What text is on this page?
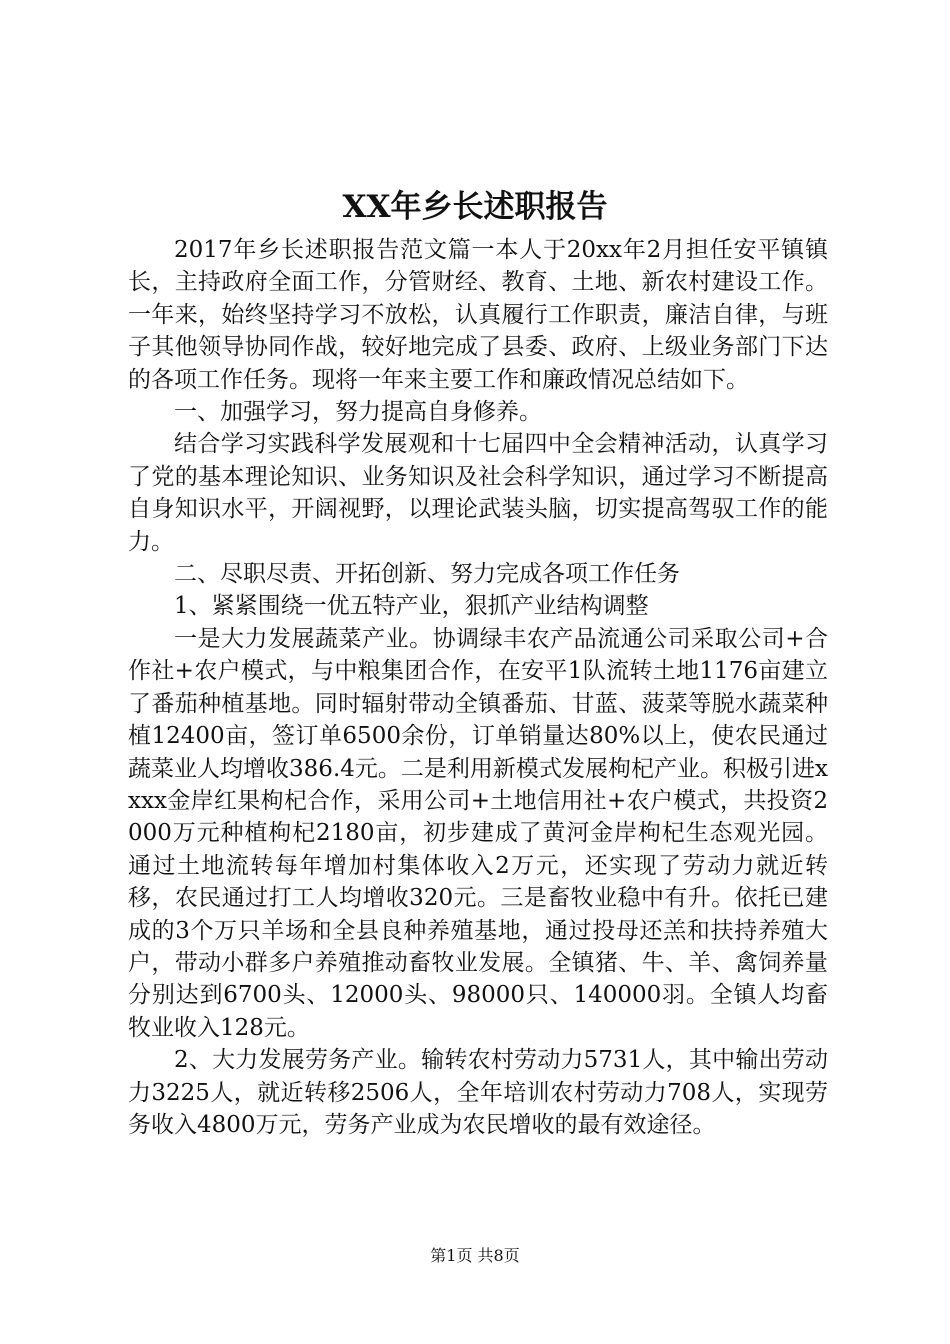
XX年乡长述职报告

2017年乡长述职报告范文篇一本人于20xx年2月担任安平镇镇长，主持政府全面工作，分管财经、教育、土地、新农村建设工作。一年来，始终坚持学习不放松，认真履行工作职责，廉洁自律，与班子其他领导协同作战，较好地完成了县委、政府、上级业务部门下达的各项工作任务。现将一年来主要工作和廉政情况总结如下。

一、加强学习，努力提高自身修养。

结合学习实践科学发展观和十七届四中全会精神活动，认真学习了党的基本理论知识、业务知识及社会科学知识，通过学习不断提高自身知识水平，开阔视野，以理论武装头脑，切实提高驾驭工作的能力。

二、尽职尽责、开拓创新、努力完成各项工作任务

1、紧紧围绕一优五特产业，狠抓产业结构调整

一是大力发展蔬菜产业。协调绿丰农产品流通公司采取公司+合作社+农户模式，与中粮集团合作，在安平1队流转土地1176亩建立了番茄种植基地。同时辐射带动全镇番茄、甘蓝、菠菜等脱水蔬菜种植12400亩，签订单6500余份，订单销量达80%以上，使农民通过蔬菜业人均增收386.4元。二是利用新模式发展枸杞产业。积极引进xxxx金岸红果枸杞合作，采用公司+土地信用社+农户模式，共投资2000万元种植枸杞2180亩，初步建成了黄河金岸枸杞生态观光园。通过土地流转每年增加村集体收入2万元，还实现了劳动力就近转移，农民通过打工人均增收320元。三是畜牧业稳中有升。依托已建成的3个万只羊场和全县良种养殖基地，通过投母还羔和扶持养殖大户，带动小群多户养殖推动畜牧业发展。全镇猪、牛、羊、禽饲养量分别达到6700头、12000头、98000只、140000羽。全镇人均畜牧业收入128元。

2、大力发展劳务产业。输转农村劳动力5731人，其中输出劳动力3225人，就近转移2506人，全年培训农村劳动力708人，实现劳务收入4800万元，劳务产业成为农民增收的最有效途径。

第1页 共8页
